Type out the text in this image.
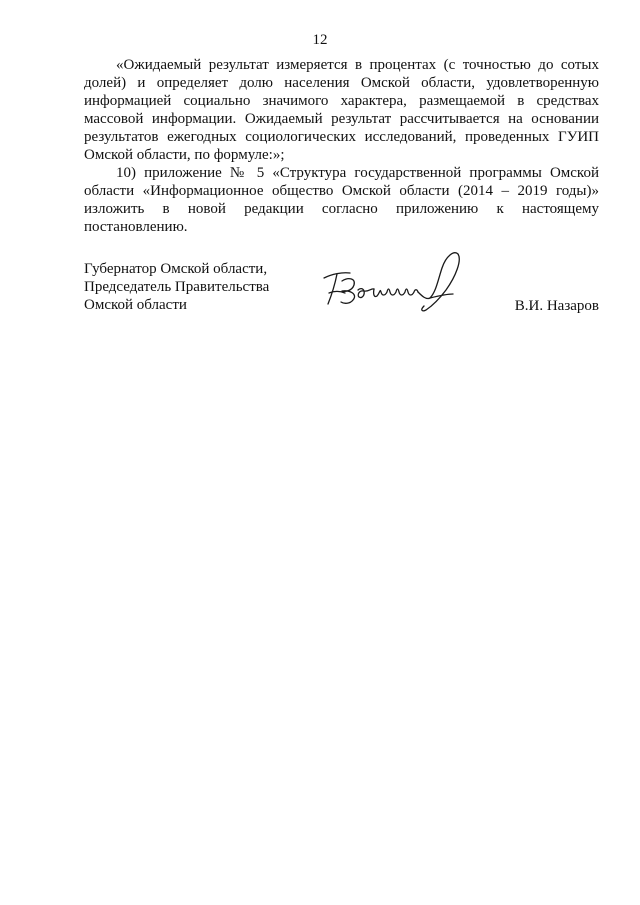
12

«Ожидаемый результат измеряется в процентах (с точностью до сотых долей) и определяет долю населения Омской области, удовлетворенную информацией социально значимого характера, размещаемой в средствах массовой информации. Ожидаемый результат рассчитывается на основании результатов ежегодных социологических исследований, проведенных ГУИП Омской области, по формуле:»;

10) приложение № 5 «Структура государственной программы Омской области «Информационное общество Омской области (2014 – 2019 годы)» изложить в новой редакции согласно приложению к настоящему постановлению.

Губернатор Омской области,
Председатель Правительства
Омской области	В.И. Назаров
